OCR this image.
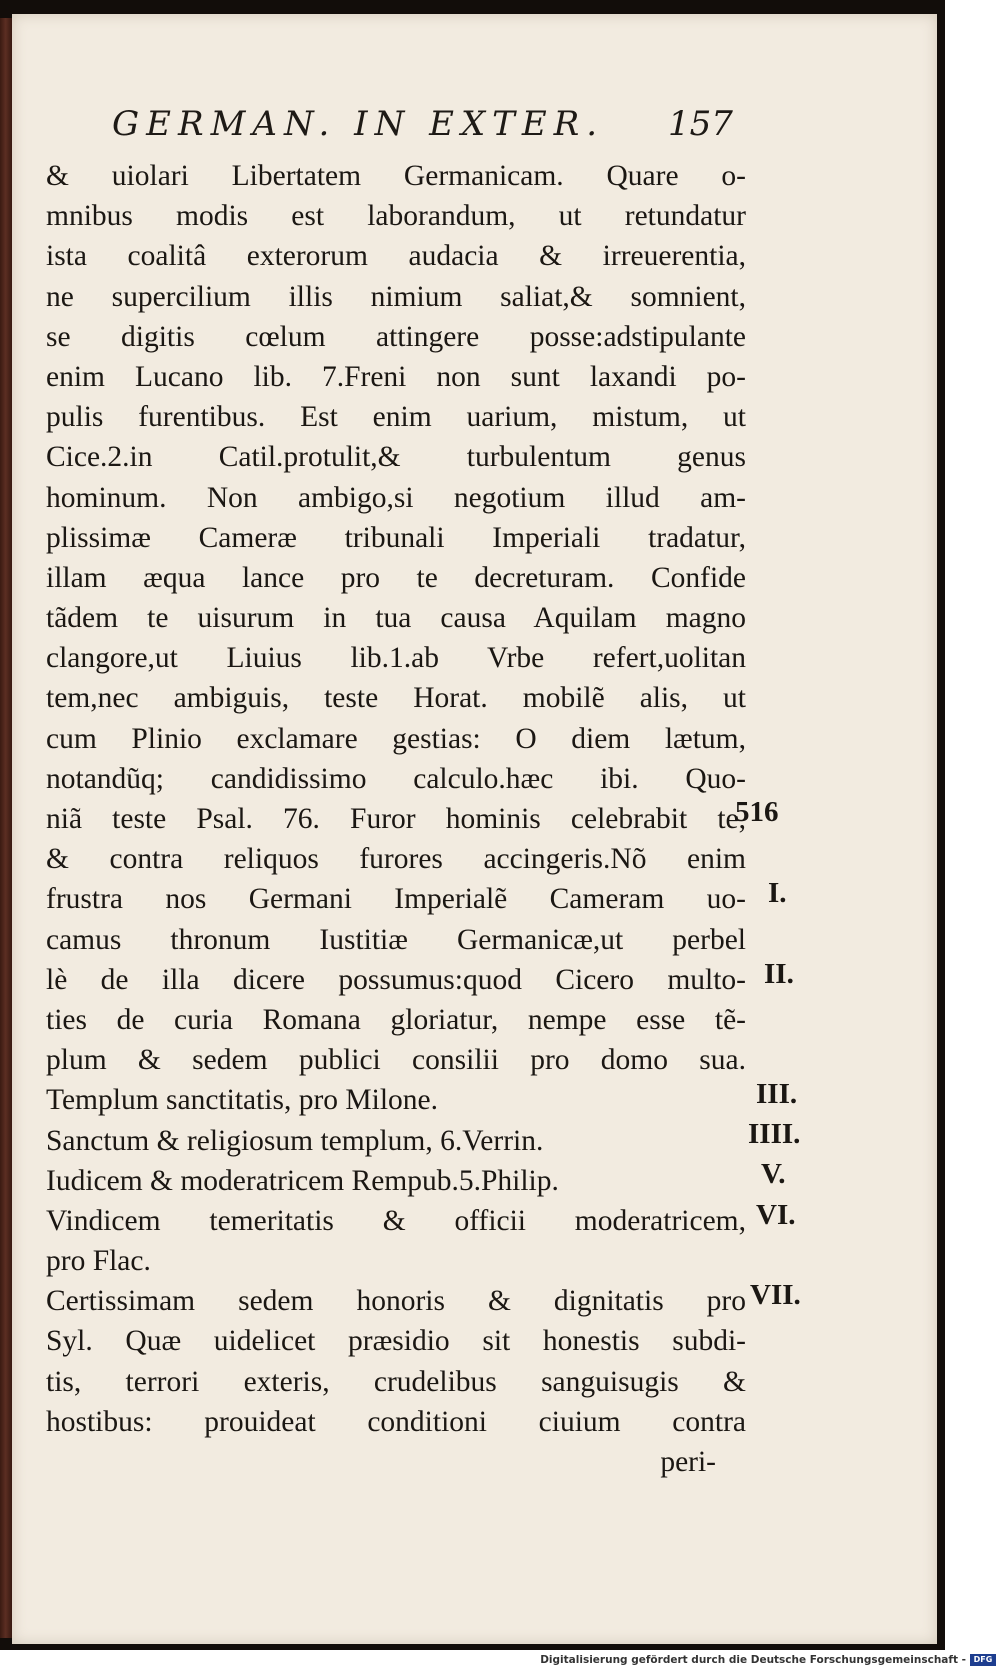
GERMAN. IN EXTER.	157
& uiolari Libertatem Germanicam. Quare o-
mnibus modis est laborandum, ut retundatur
ista coalitâ exterorum audacia & irreuerentia,
ne supercilium illis nimium saliat,& somnient,
se digitis cœlum attingere posse:adstipulante
enim Lucano lib. 7.Freni non sunt laxandi po-
pulis furentibus. Est enim uarium, mistum, ut
Cice.2.in Catil.protulit,& turbulentum genus
hominum. Non ambigo,si negotium illud am-
plissimæ Cameræ tribunali Imperiali tradatur,
illam æqua lance pro te decreturam. Confide
tãdem te uisurum in tua causa Aquilam magno
clangore,ut Liuius lib.1.ab Vrbe refert,uolitan
tem,nec ambiguis, teste Horat. mobilẽ alis, ut
cum Plinio exclamare gestias: O diem lætum,
notandũq; candidissimo calculo.hæc ibi. Quo-
niã teste Psal. 76. Furor hominis celebrabit te,
& contra reliquos furores accingeris.Nõ enim
frustra nos Germani Imperialẽ Cameram uo-
camus thronum Iustitiæ Germanicæ,ut perbel
lè de illa dicere possumus:quod Cicero multo-
ties de curia Romana gloriatur, nempe esse tẽ-
plum & sedem publici consilii pro domo sua.
Templum sanctitatis, pro Milone.
Sanctum & religiosum templum, 6.Verrin.
Iudicem & moderatricem Rempub.5.Philip.
Vindicem temeritatis & officii moderatricem,
pro Flac.
Certissimam sedem honoris & dignitatis pro
Syl. Quæ uidelicet præsidio sit honestis subdi-
tis, terrori exteris, crudelibus sanguisugis &
hostibus: prouideat conditioni ciuium contra
peri-
516
I.
II.
III.
IIII.
V.
VI.
VII.
Digitalisierung gefördert durch die Deutsche Forschungsgemeinschaft - DFG
